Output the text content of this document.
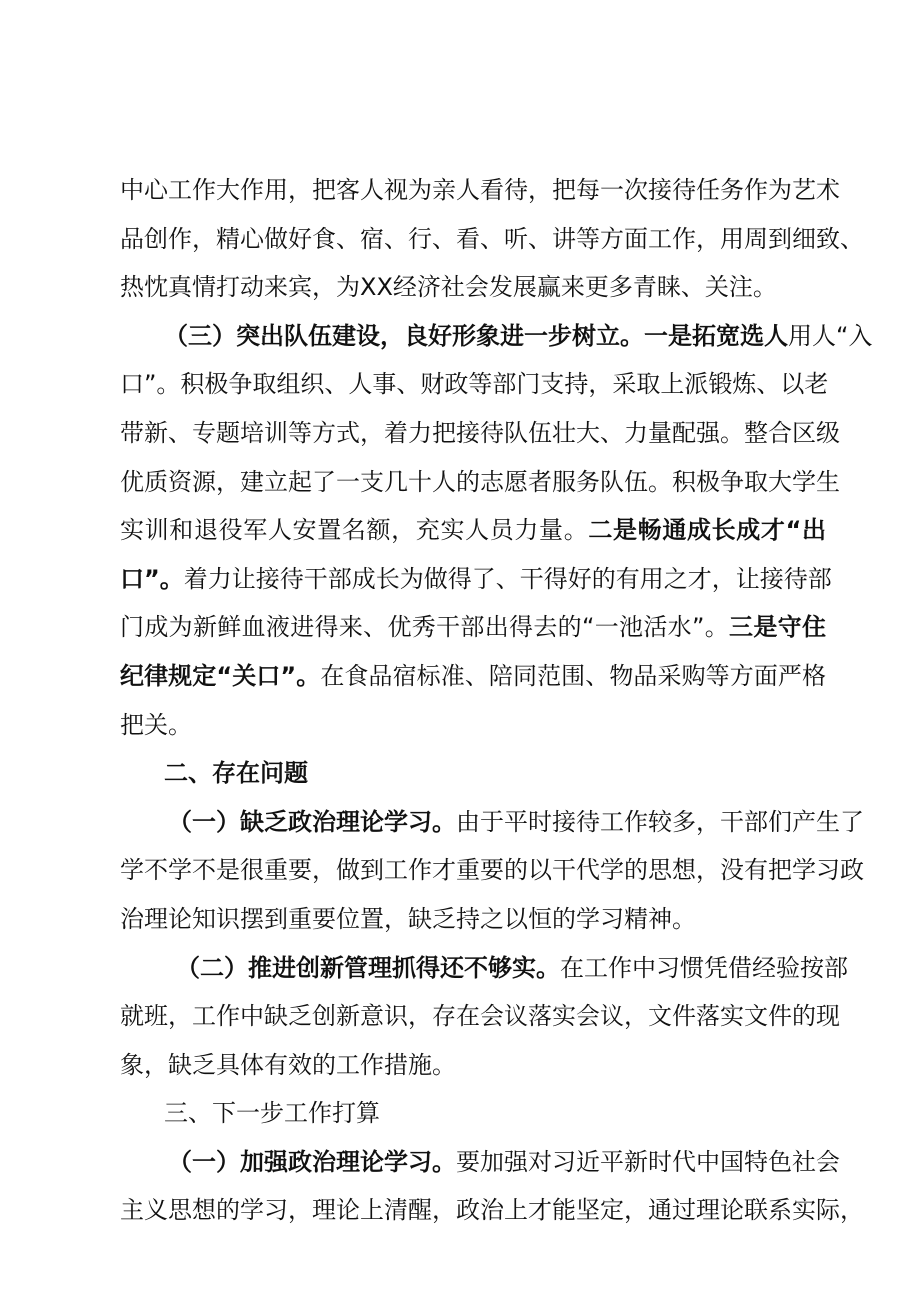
中心工作大作用，把客人视为亲人看待，把每一次接待任务作为艺术
品创作，精心做好食、宿、行、看、听、讲等方面工作，用周到细致、
热忱真情打动来宾，为XX经济社会发展赢来更多青睐、关注。
（三）突出队伍建设，良好形象进一步树立。一是拓宽选人用人“入
口”。积极争取组织、人事、财政等部门支持，采取上派锻炼、以老
带新、专题培训等方式，着力把接待队伍壮大、力量配强。整合区级
优质资源，建立起了一支几十人的志愿者服务队伍。积极争取大学生
实训和退役军人安置名额，充实人员力量。二是畅通成长成才“出
口”。着力让接待干部成长为做得了、干得好的有用之才，让接待部
门成为新鲜血液进得来、优秀干部出得去的“一池活水”。三是守住
纪律规定“关口”。在食品宿标准、陪同范围、物品采购等方面严格
把关。
二、存在问题
（一）缺乏政治理论学习。由于平时接待工作较多，干部们产生了
学不学不是很重要，做到工作才重要的以干代学的思想，没有把学习政
治理论知识摆到重要位置，缺乏持之以恒的学习精神。
（二）推进创新管理抓得还不够实。在工作中习惯凭借经验按部
就班，工作中缺乏创新意识，存在会议落实会议，文件落实文件的现
象，缺乏具体有效的工作措施。
三、下一步工作打算
（一）加强政治理论学习。要加强对习近平新时代中国特色社会
主义思想的学习，理论上清醒，政治上才能坚定，通过理论联系实际，
